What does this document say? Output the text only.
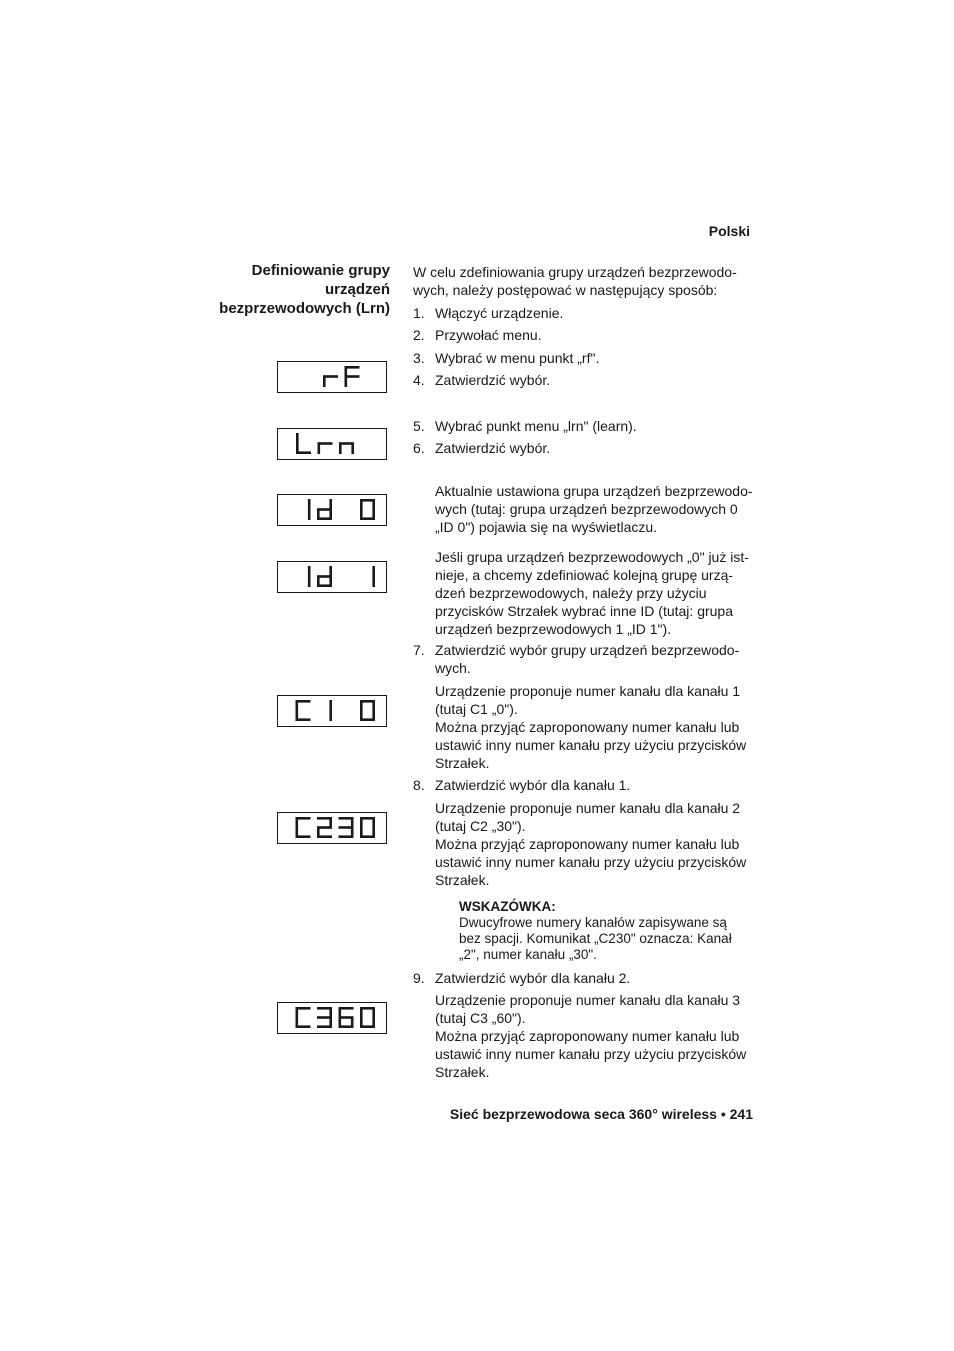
Polski
Definiowanie grupy
urządzeń
bezprzewodowych (Lrn)
W celu zdefiniowania grupy urządzeń bezprzewodo-
wych, należy postępować w następujący sposób:
1. Włączyć urządzenie.
2. Przywołać menu.
3. Wybrać w menu punkt „rf".
4. Zatwierdzić wybór.
5. Wybrać punkt menu „lrn" (learn).
6. Zatwierdzić wybór.
Aktualnie ustawiona grupa urządzeń bezprzewodo-
wych (tutaj: grupa urządzeń bezprzewodowych 0
„ID 0") pojawia się na wyświetlaczu.
Jeśli grupa urządzeń bezprzewodowych „0" już ist-
nieje, a chcemy zdefiniować kolejną grupę urzą-
dzeń bezprzewodowych, należy przy użyciu
przycisków Strzałek wybrać inne ID (tutaj: grupa
urządzeń bezprzewodowych 1 „ID 1").
7. Zatwierdzić wybór grupy urządzeń bezprzewodo-
wych.
Urządzenie proponuje numer kanału dla kanału 1
(tutaj C1 „0").
Można przyjąć zaproponowany numer kanału lub
ustawić inny numer kanału przy użyciu przycisków
Strzałek.
8. Zatwierdzić wybór dla kanału 1.
Urządzenie proponuje numer kanału dla kanału 2
(tutaj C2 „30").
Można przyjąć zaproponowany numer kanału lub
ustawić inny numer kanału przy użyciu przycisków
Strzałek.
WSKAZÓWKA:
Dwucyfrowe numery kanałów zapisywane są
bez spacji. Komunikat „C230" oznacza: Kanał
„2", numer kanału „30".
9. Zatwierdzić wybór dla kanału 2.
Urządzenie proponuje numer kanału dla kanału 3
(tutaj C3 „60").
Można przyjąć zaproponowany numer kanału lub
ustawić inny numer kanału przy użyciu przycisków
Strzałek.
Sieć bezprzewodowa seca 360° wireless • 241
